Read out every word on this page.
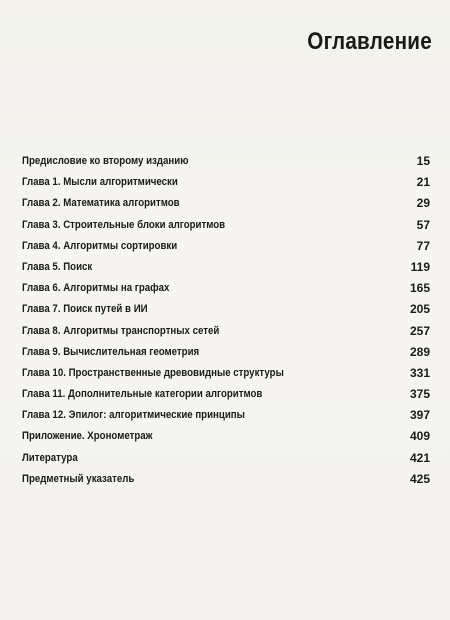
Оглавление
Предисловие ко второму изданию	15
Глава 1. Мысли алгоритмически	21
Глава 2. Математика алгоритмов	29
Глава 3. Строительные блоки алгоритмов	57
Глава 4. Алгоритмы сортировки	77
Глава 5. Поиск	119
Глава 6. Алгоритмы на графах	165
Глава 7. Поиск путей в ИИ	205
Глава 8. Алгоритмы транспортных сетей	257
Глава 9. Вычислительная геометрия	289
Глава 10. Пространственные древовидные структуры	331
Глава 11. Дополнительные категории алгоритмов	375
Глава 12. Эпилог: алгоритмические принципы	397
Приложение. Хронометраж	409
Литература	421
Предметный указатель	425
